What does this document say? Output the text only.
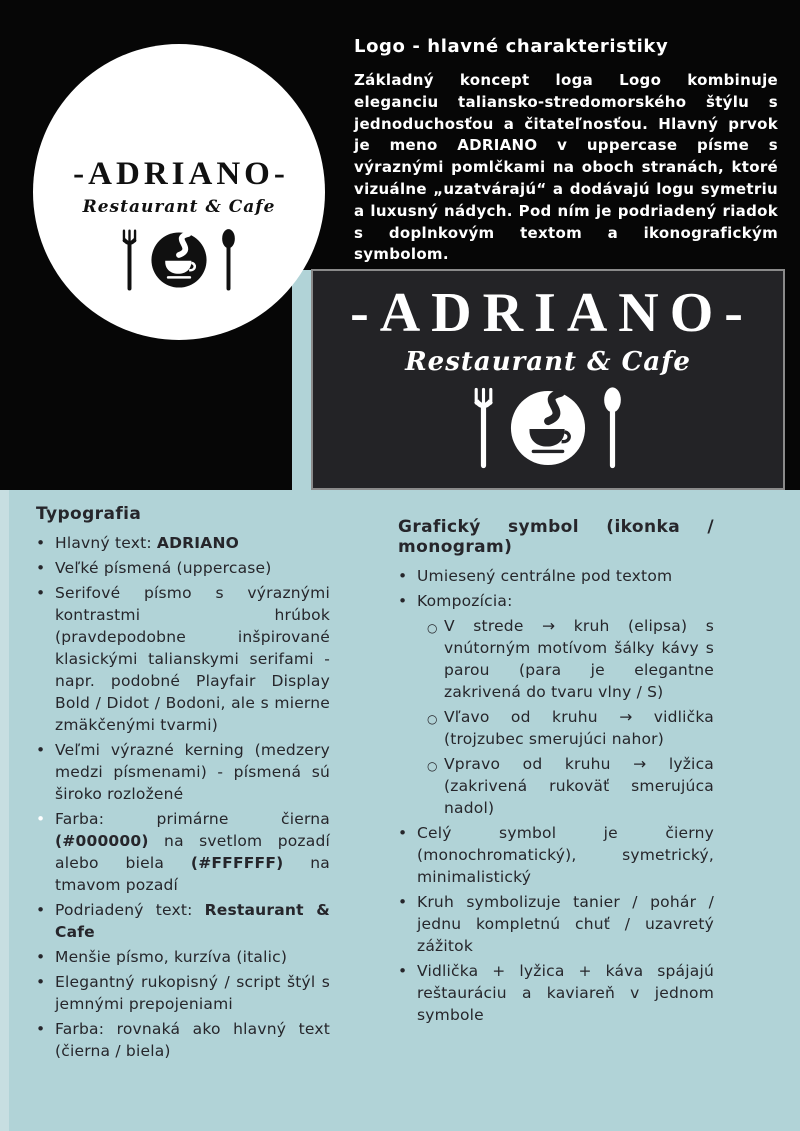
-ADRIANO-
Restaurant & Cafe
Logo - hlavné charakteristiky

Základný koncept loga Logo kombinuje eleganciu taliansko-stredomorského štýlu s jednoduchosťou a čitateľnosťou. Hlavný prvok je meno ADRIANO v uppercase písme s výraznými pomlčkami na oboch stranách, ktoré vizuálne „uzatvárajú“ a dodávajú logu symetriu a luxusný nádych. Pod ním je podriadený riadok s doplnkovým textom a ikonografickým symbolom.

-ADRIANO-
Restaurant & Cafe
Typografia
• Hlavný text: ADRIANO
• Veľké písmená (uppercase)
• Serifové písmo s výraznými kontrastmi hrúbok (pravdepodobne inšpirované klasickými talianskymi serifami - napr. podobné Playfair Display Bold / Didot / Bodoni, ale s mierne zmäkčenými tvarmi)
• Veľmi výrazné kerning (medzery medzi písmenami) - písmená sú široko rozložené
• Farba: primárne čierna (#000000) na svetlom pozadí alebo biela (#FFFFFF) na tmavom pozadí
• Podriadený text: Restaurant & Cafe
• Menšie písmo, kurzíva (italic)
• Elegantný rukopisný / script štýl s jemnými prepojeniami
• Farba: rovnaká ako hlavný text (čierna / biela)
Grafický symbol (ikonka / monogram)
• Umiesený centrálne pod textom
• Kompozícia:
○ V strede → kruh (elipsa) s vnútorným motívom šálky kávy s parou (para je elegantne zakrivená do tvaru vlny / S)
○ Vľavo od kruhu → vidlička (trojzubec smerujúci nahor)
○ Vpravo od kruhu → lyžica (zakrivená rukoväť smerujúca nadol)
• Celý symbol je čierny (monochromatický), symetrický, minimalistický
• Kruh symbolizuje tanier / pohár / jednu kompletnú chuť / uzavretý zážitok
• Vidlička + lyžica + káva spájajú reštauráciu a kaviareň v jednom symbole
